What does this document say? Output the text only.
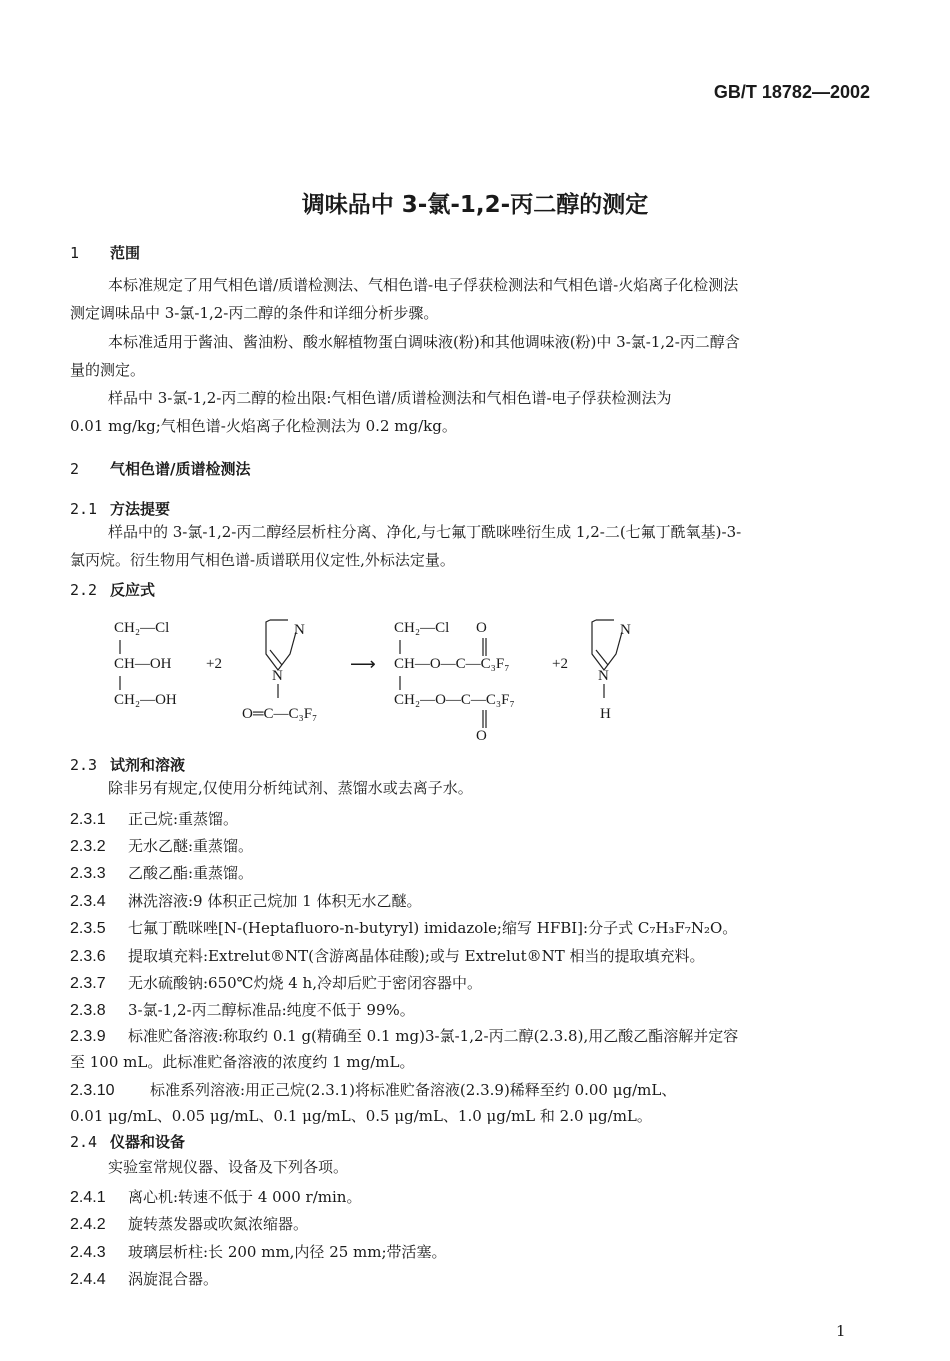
GB/T 18782—2002
调味品中 3-氯-1,2-丙二醇的测定
1 范围
本标准规定了用气相色谱/质谱检测法、气相色谱-电子俘获检测法和气相色谱-火焰离子化检测法
测定调味品中 3-氯-1,2-丙二醇的条件和详细分析步骤。
本标准适用于酱油、酱油粉、酸水解植物蛋白调味液(粉)和其他调味液(粉)中 3-氯-1,2-丙二醇含
量的测定。
样品中 3-氯-1,2-丙二醇的检出限:气相色谱/质谱检测法和气相色谱-电子俘获检测法为
0.01 mg/kg;气相色谱-火焰离子化检测法为 0.2 mg/kg。
2 气相色谱/质谱检测法
2.1 方法提要
样品中的 3-氯-1,2-丙二醇经层析柱分离、净化,与七氟丁酰咪唑衍生成 1,2-二(七氟丁酰氧基)-3-
氯丙烷。衍生物用气相色谱-质谱联用仪定性,外标法定量。
2.2 反应式
CH₂—Cl
CH—OH
CH₂—OH
+2
N
N
O═C—C₃F₇
⟶
CH₂—Cl O
CH—O—C—C₃F₇
CH₂—O—C—C₃F₇
O
+2
N
N
H
2.3 试剂和溶液
除非另有规定,仅使用分析纯试剂、蒸馏水或去离子水。
2.3.1 正己烷:重蒸馏。
2.3.2 无水乙醚:重蒸馏。
2.3.3 乙酸乙酯:重蒸馏。
2.3.4 淋洗溶液:9 体积正己烷加 1 体积无水乙醚。
2.3.5 七氟丁酰咪唑[N-(Heptafluoro-n-butyryl) imidazole;缩写 HFBI]:分子式 C₇H₃F₇N₂O。
2.3.6 提取填充料:Extrelut®NT(含游离晶体硅酸);或与 Extrelut®NT 相当的提取填充料。
2.3.7 无水硫酸钠:650℃灼烧 4 h,冷却后贮于密闭容器中。
2.3.8 3-氯-1,2-丙二醇标准品:纯度不低于 99%。
2.3.9 标准贮备溶液:称取约 0.1 g(精确至 0.1 mg)3-氯-1,2-丙二醇(2.3.8),用乙酸乙酯溶解并定容
至 100 mL。此标准贮备溶液的浓度约 1 mg/mL。
2.3.10 标准系列溶液:用正己烷(2.3.1)将标准贮备溶液(2.3.9)稀释至约 0.00 μg/mL、
0.01 μg/mL、0.05 μg/mL、0.1 μg/mL、0.5 μg/mL、1.0 μg/mL 和 2.0 μg/mL。
2.4 仪器和设备
实验室常规仪器、设备及下列各项。
2.4.1 离心机:转速不低于 4 000 r/min。
2.4.2 旋转蒸发器或吹氮浓缩器。
2.4.3 玻璃层析柱:长 200 mm,内径 25 mm;带活塞。
2.4.4 涡旋混合器。
1
